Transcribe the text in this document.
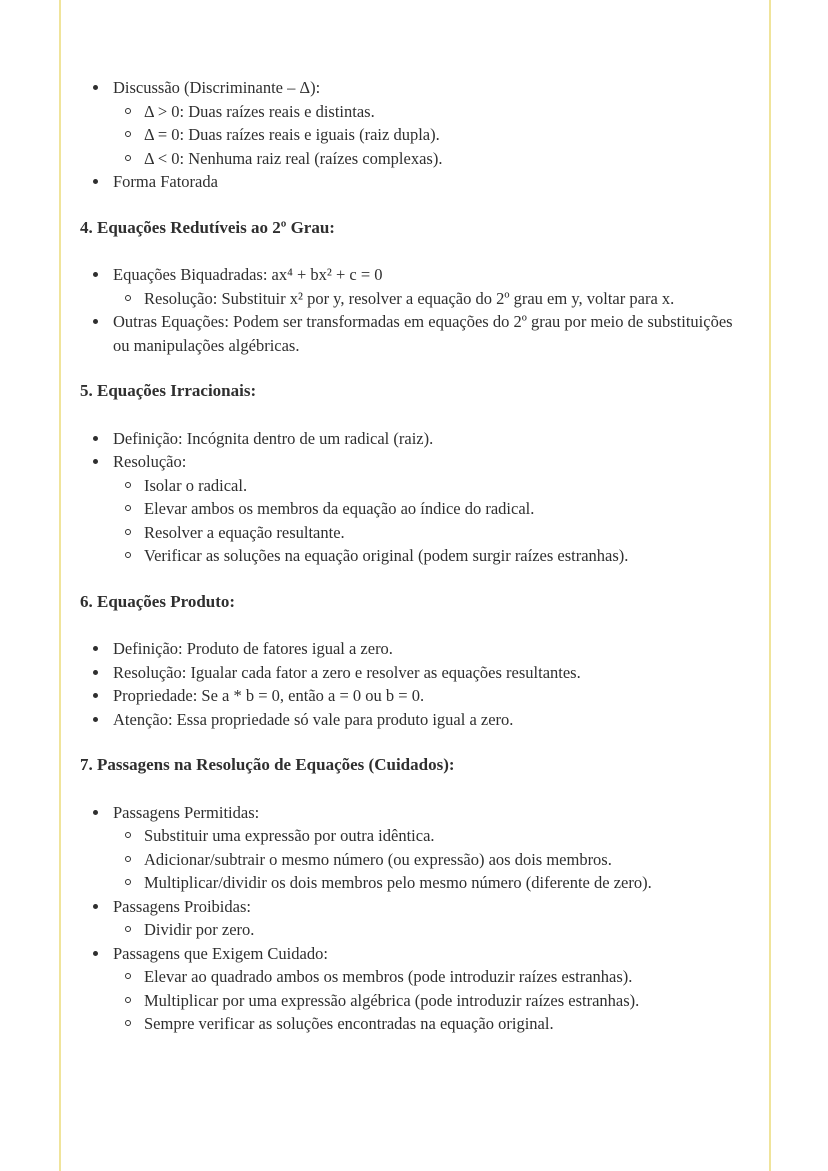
Discussão (Discriminante – Δ):
Δ > 0: Duas raízes reais e distintas.
Δ = 0: Duas raízes reais e iguais (raiz dupla).
Δ < 0: Nenhuma raiz real (raízes complexas).
Forma Fatorada
4. Equações Redutíveis ao 2º Grau:
Equações Biquadradas: ax⁴ + bx² + c = 0
Resolução: Substituir x² por y, resolver a equação do 2º grau em y, voltar para x.
Outras Equações: Podem ser transformadas em equações do 2º grau por meio de substituições ou manipulações algébricas.
5. Equações Irracionais:
Definição: Incógnita dentro de um radical (raiz).
Resolução:
Isolar o radical.
Elevar ambos os membros da equação ao índice do radical.
Resolver a equação resultante.
Verificar as soluções na equação original (podem surgir raízes estranhas).
6. Equações Produto:
Definição: Produto de fatores igual a zero.
Resolução: Igualar cada fator a zero e resolver as equações resultantes.
Propriedade: Se a * b = 0, então a = 0 ou b = 0.
Atenção: Essa propriedade só vale para produto igual a zero.
7. Passagens na Resolução de Equações (Cuidados):
Passagens Permitidas:
Substituir uma expressão por outra idêntica.
Adicionar/subtrair o mesmo número (ou expressão) aos dois membros.
Multiplicar/dividir os dois membros pelo mesmo número (diferente de zero).
Passagens Proibidas:
Dividir por zero.
Passagens que Exigem Cuidado:
Elevar ao quadrado ambos os membros (pode introduzir raízes estranhas).
Multiplicar por uma expressão algébrica (pode introduzir raízes estranhas).
Sempre verificar as soluções encontradas na equação original.
